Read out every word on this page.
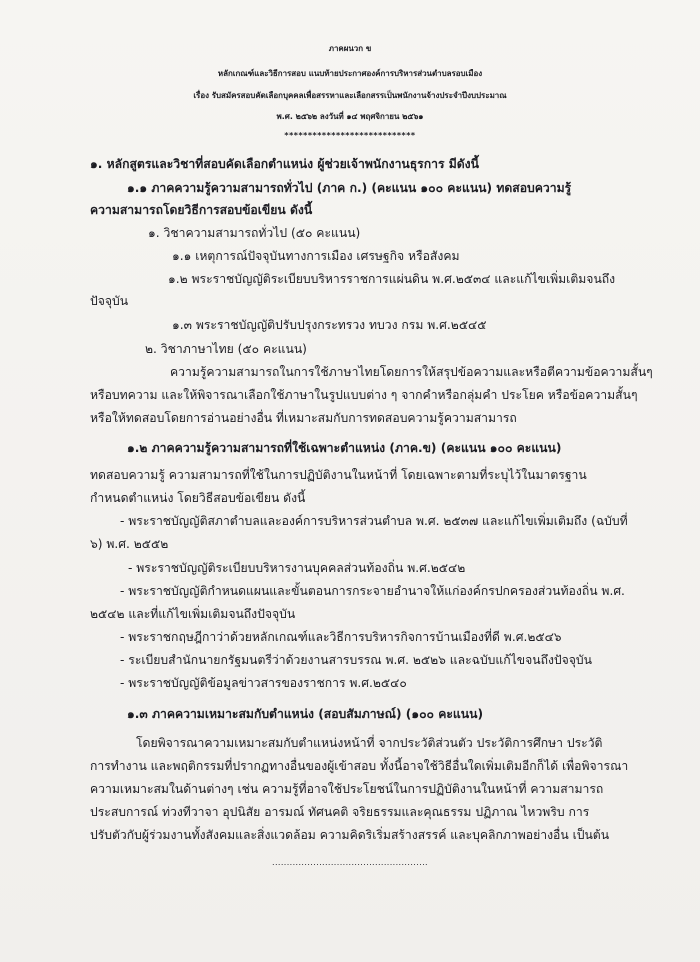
ภาคผนวก ข
หลักเกณฑ์และวิธีการสอบ แนบท้ายประกาศองค์การบริหารส่วนตำบลรอบเมือง
เรื่อง รับสมัครสอบคัดเลือกบุคคลเพื่อสรรหาและเลือกสรรเป็นพนักงานจ้างประจำปีงบประมาณ
พ.ศ. ๒๕๖๒ ลงวันที่ ๑๔ พฤศจิกายน ๒๕๖๑
****************************
๑. หลักสูตรและวิชาที่สอบคัดเลือกตำแหน่ง ผู้ช่วยเจ้าพนักงานธุรการ มีดังนี้
๑.๑ ภาคความรู้ความสามารถทั่วไป (ภาค ก.) (คะแนน ๑๐๐ คะแนน) ทดสอบความรู้
ความสามารถโดยวิธีการสอบข้อเขียน ดังนี้
๑. วิชาความสามารถทั่วไป (๕๐ คะแนน)
๑.๑ เหตุการณ์ปัจจุบันทางการเมือง เศรษฐกิจ หรือสังคม
๑.๒ พระราชบัญญัติระเบียบบริหารราชการแผ่นดิน พ.ศ.๒๕๓๔ และแก้ไขเพิ่มเติมจนถึง
ปัจจุบัน
๑.๓ พระราชบัญญัติปรับปรุงกระทรวง ทบวง กรม พ.ศ.๒๕๔๕
๒. วิชาภาษาไทย (๕๐ คะแนน)
ความรู้ความสามารถในการใช้ภาษาไทยโดยการให้สรุปข้อความและหรือตีความข้อความสั้นๆ
หรือบทความ และให้พิจารณาเลือกใช้ภาษาในรูปแบบต่าง ๆ จากคำหรือกลุ่มคำ ประโยค หรือข้อความสั้นๆ
หรือให้ทดสอบโดยการอ่านอย่างอื่น ที่เหมาะสมกับการทดสอบความรู้ความสามารถ
๑.๒ ภาคความรู้ความสามารถที่ใช้เฉพาะตำแหน่ง (ภาค.ข) (คะแนน ๑๐๐ คะแนน)
ทดสอบความรู้ ความสามารถที่ใช้ในการปฏิบัติงานในหน้าที่ โดยเฉพาะตามที่ระบุไว้ในมาตรฐาน
กำหนดตำแหน่ง โดยวิธีสอบข้อเขียน ดังนี้
- พระราชบัญญัติสภาตำบลและองค์การบริหารส่วนตำบล พ.ศ. ๒๕๓๗ และแก้ไขเพิ่มเติมถึง (ฉบับที่
๖) พ.ศ. ๒๕๕๒
- พระราชบัญญัติระเบียบบริหารงานบุคคลส่วนท้องถิ่น พ.ศ.๒๕๔๒
- พระราชบัญญัติกำหนดแผนและขั้นตอนการกระจายอำนาจให้แก่องค์กรปกครองส่วนท้องถิ่น พ.ศ.
๒๕๔๒ และที่แก้ไขเพิ่มเติมจนถึงปัจจุบัน
- พระราชกฤษฎีกาว่าด้วยหลักเกณฑ์และวิธีการบริหารกิจการบ้านเมืองที่ดี พ.ศ.๒๕๔๖
- ระเบียบสำนักนายกรัฐมนตรีว่าด้วยงานสารบรรณ พ.ศ. ๒๕๒๖ และฉบับแก้ไขจนถึงปัจจุบัน
- พระราชบัญญัติข้อมูลข่าวสารของราชการ พ.ศ.๒๕๔๐
๑.๓ ภาคความเหมาะสมกับตำแหน่ง (สอบสัมภาษณ์) (๑๐๐ คะแนน)
โดยพิจารณาความเหมาะสมกับตำแหน่งหน้าที่ จากประวัติส่วนตัว ประวัติการศึกษา ประวัติ
การทำงาน และพฤติกรรมที่ปรากฏทางอื่นของผู้เข้าสอบ ทั้งนี้อาจใช้วิธีอื่นใดเพิ่มเติมอีกก็ได้ เพื่อพิจารณา
ความเหมาะสมในด้านต่างๆ เช่น ความรู้ที่อาจใช้ประโยชน์ในการปฏิบัติงานในหน้าที่ ความสามารถ
ประสบการณ์ ท่วงทีวาจา อุปนิสัย อารมณ์ ทัศนคติ จริยธรรมและคุณธรรม ปฏิภาณ ไหวพริบ การ
ปรับตัวกับผู้ร่วมงานทั้งสังคมและสิ่งแวดล้อม ความคิดริเริ่มสร้างสรรค์ และบุคลิกภาพอย่างอื่น เป็นต้น
.....................................................
